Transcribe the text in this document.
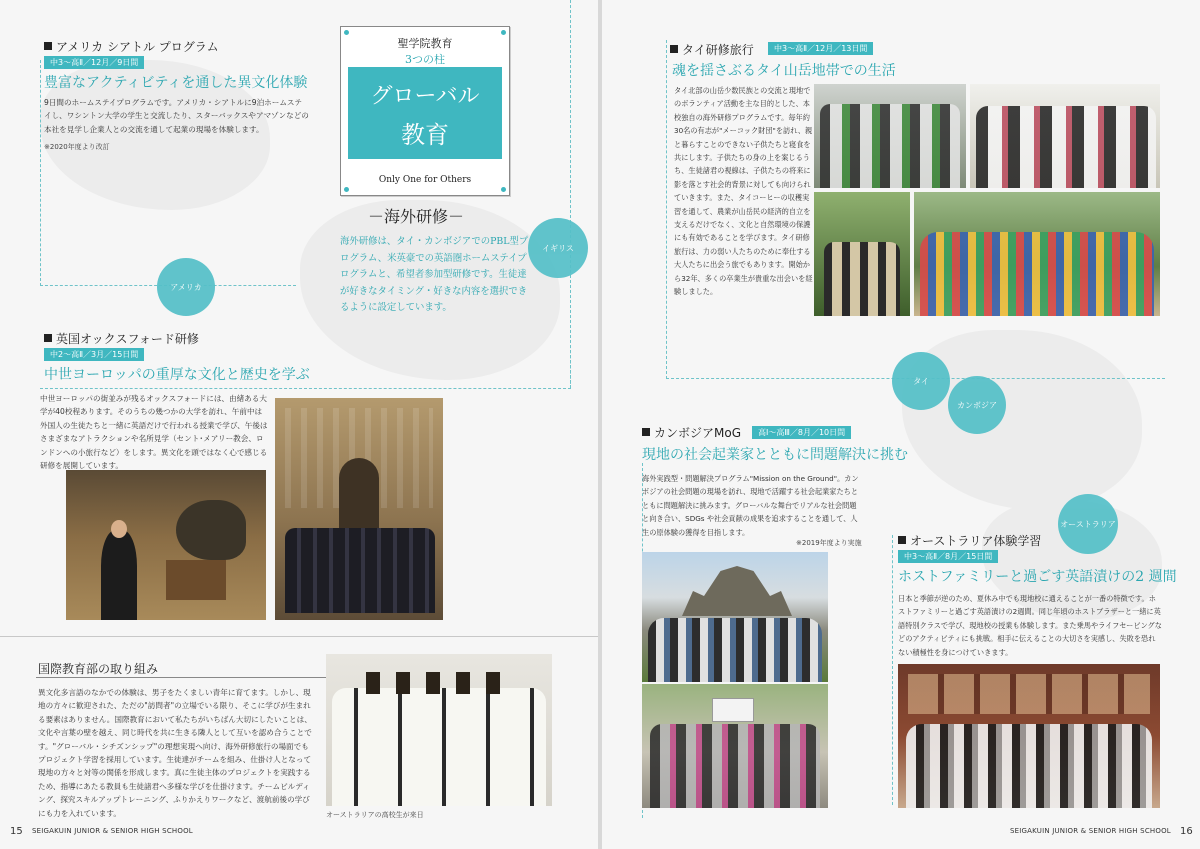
アメリカ シアトル プログラム
中3～高Ⅱ／12月／9日間
豊富なアクティビティを通した異文化体験
9日間のホームステイプログラムです。アメリカ・シアトルに9泊ホームステイし、ワシントン大学の学生と交流したり、スターバックスやアマゾンなどの本社を見学し企業人との交流を通して起業の現場を体験します。
※2020年度より改訂
聖学院教育
3つの柱
グローバル
教育
Only One for Others
－海外研修－
海外研修は、タイ・カンボジアでのPBL型プログラム、米英豪での英語圏ホームステイプログラムと、希望者参加型研修です。生徒達が好きなタイミング・好きな内容を選択できるように設定しています。
アメリカ
イギリス
英国オックスフォード研修
中2～高Ⅱ／3月／15日間
中世ヨーロッパの重厚な文化と歴史を学ぶ
中世ヨーロッパの街並みが残るオックスフォードには、由緒ある大学が40校程あります。そのうちの幾つかの大学を訪れ、午前中は外国人の生徒たちと一緒に英語だけで行われる授業で学び、午後はさまざまなアトラクションや名所見学（セント･メアリー教会、ロンドンへの小旅行など）をします。異文化を頭ではなく心で感じる研修を展開しています。
国際教育部の取り組み
異文化多言語のなかでの体験は、男子をたくましい青年に育てます。しかし、現地の方々に歓迎された、ただの"訪問者"の立場でいる限り、そこに学びが生まれる要素はありません。国際教育において私たちがいちばん大切にしたいことは、文化や言葉の壁を越え、同じ時代を共に生きる隣人として互いを認め合うことです。"グローバル・シチズンシップ"の理想実現へ向け、海外研修旅行の場面でもプロジェクト学習を採用しています。生徒達がチームを組み、仕掛け人となって現地の方々と対等の関係を形成します。真に生徒主体のプロジェクトを実践するため、指導にあたる教員も生徒諸君へ多様な学びを仕掛けます。チームビルディング、探究スキルアップトレーニング、ふりかえりワークなど、渡航前後の学びにも力を入れています。	オーストラリアの高校生が来日
15 SEIGAKUIN JUNIOR & SENIOR HIGH SCHOOL
タイ研修旅行	中3～高Ⅱ／12月／13日間
魂を揺さぶるタイ山岳地帯での生活
タイ北部の山岳少数民族との交流と現地でのボランティア活動を主な目的とした、本校独自の海外研修プログラムです。毎年約30名の有志が"メーコック財団"を訪れ、親と暮らすことのできない子供たちと寝食を共にします。子供たちの身の上を案じるうち、生徒諸君の視線は、子供たちの将来に影を落とす社会的背景に対しても向けられていきます。また、タイコーヒーの収穫実習を通して、農業が山岳民の経済的自立を支えるだけでなく、文化と自然環境の保護にも有効であることを学びます。タイ研修旅行は、力の弱い人たちのために奉仕する大人たちに出会う旅でもあります。開始から32年、多くの卒業生が貴重な出会いを経験しました。
タイ
カンボジア
オーストラリア
カンボジアMoG	高Ⅰ～高Ⅲ／8月／10日間
現地の社会起業家とともに問題解決に挑む
海外実践型・問題解決プログラム"Mission on the Ground"。カンボジアの社会問題の現場を訪れ、現地で活躍する社会起業家たちとともに問題解決に挑みます。グローバルな舞台でリアルな社会問題と向き合い、SDGs や社会貢献の成果を追求することを通して、人生の原体験の獲得を目指します。
※2019年度より実施	オーストラリア体験学習
中3～高Ⅱ／8月／15日間
ホストファミリーと過ごす英語漬けの2 週間
日本と季節が逆のため、夏休み中でも現地校に通えることが一番の特徴です。ホストファミリーと過ごす英語漬けの2週間。同じ年頃のホストブラザーと一緒に英語特別クラスで学び、現地校の授業も体験します。また乗馬やライフセービングなどのアクティビティにも挑戦。相手に伝えることの大切さを実感し、失敗を恐れない積極性を身につけていきます。
SEIGAKUIN JUNIOR & SENIOR HIGH SCHOOL 16
